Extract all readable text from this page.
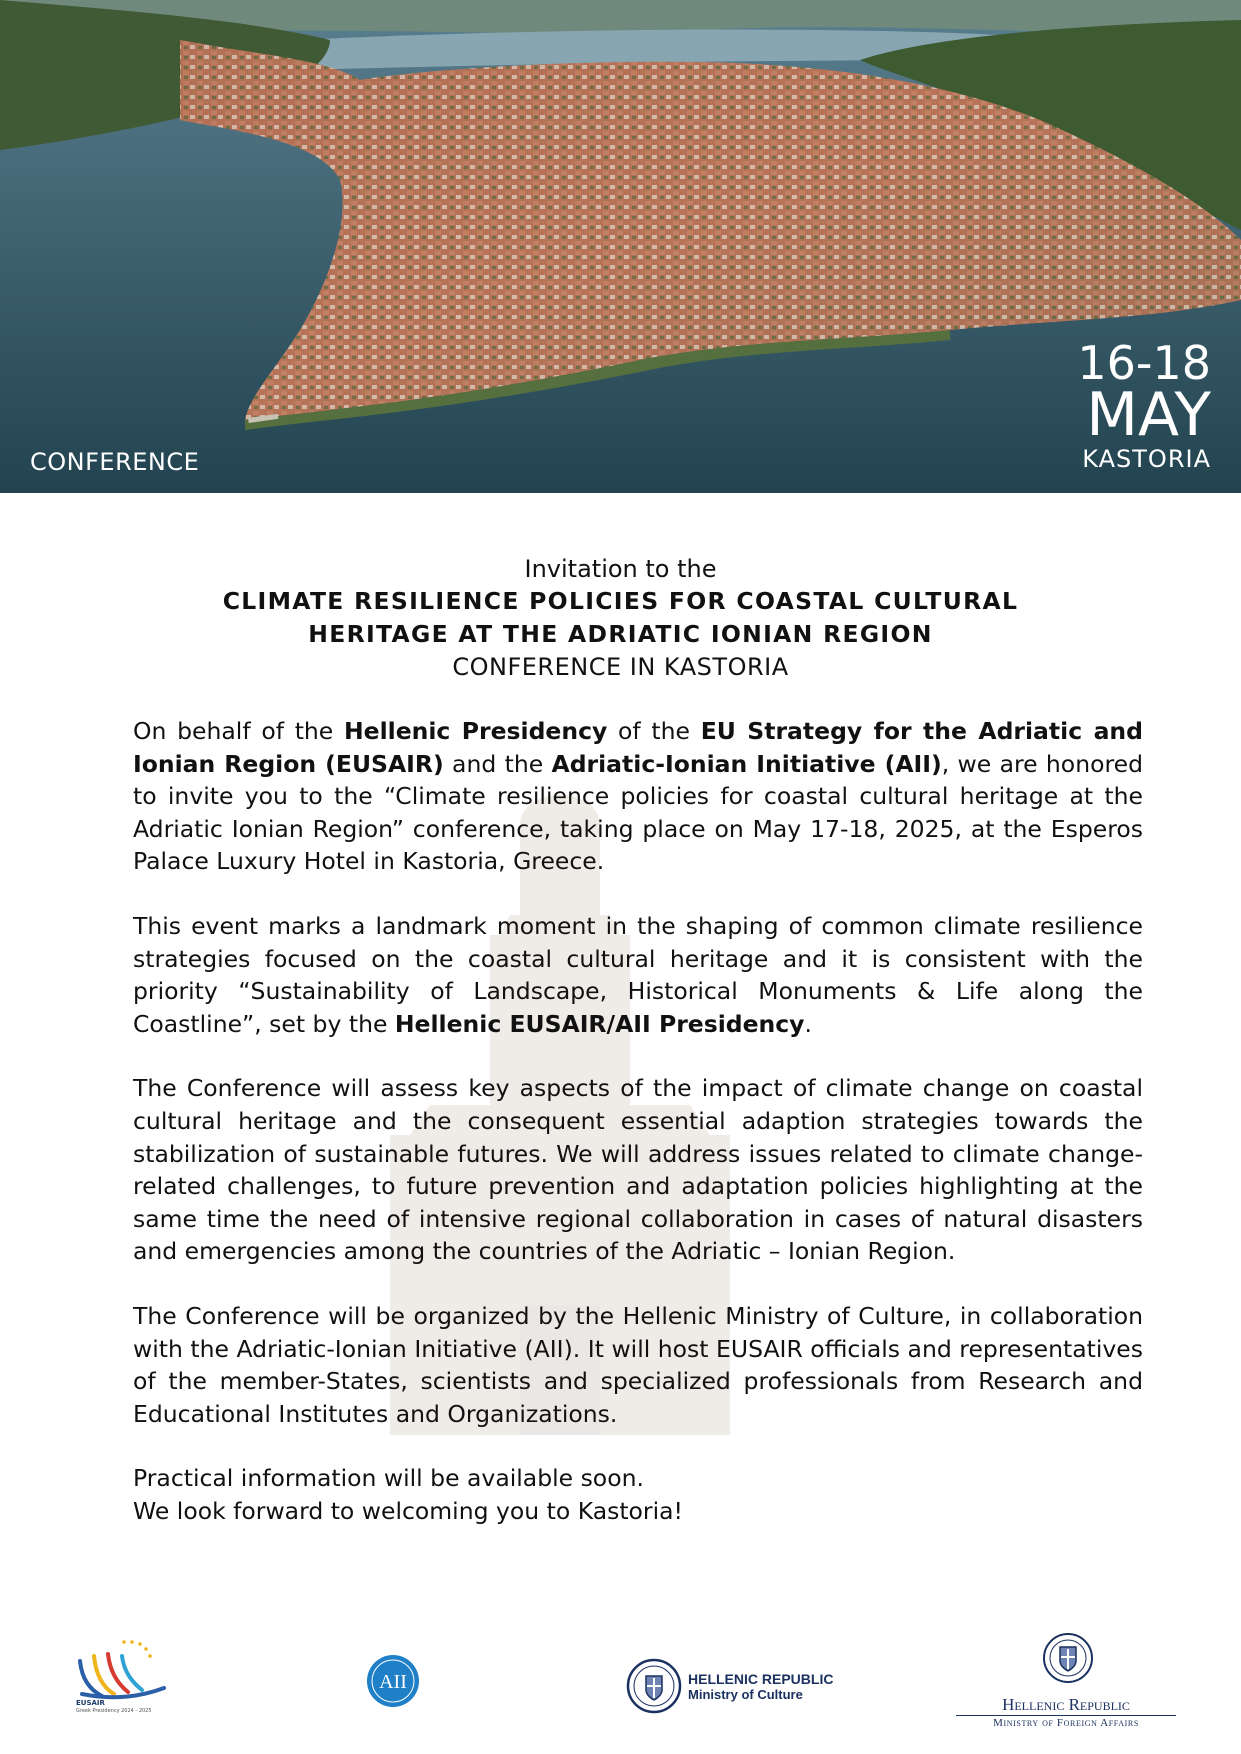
CONFERENCE
16-18
MAY
KASTORIA
Invitation to the
CLIMATE RESILIENCE POLICIES FOR COASTAL CULTURAL
HERITAGE AT THE ADRIATIC IONIAN REGION
CONFERENCE IN KASTORIA

On behalf of the Hellenic Presidency of the EU Strategy for the Adriatic and Ionian Region (EUSAIR) and the Adriatic-Ionian Initiative (AII), we are honored to invite you to the “Climate resilience policies for coastal cultural heritage at the Adriatic Ionian Region” conference, taking place on May 17-18, 2025, at the Esperos Palace Luxury Hotel in Kastoria, Greece.

This event marks a landmark moment in the shaping of common climate resilience strategies focused on the coastal cultural heritage and it is consistent with the priority “Sustainability of Landscape, Historical Monuments & Life along the Coastline”, set by the Hellenic EUSAIR/AII Presidency.

The Conference will assess key aspects of the impact of climate change on coastal cultural heritage and the consequent essential adaption strategies towards the stabilization of sustainable futures. We will address issues related to climate change-related challenges, to future prevention and adaptation policies highlighting at the same time the need of intensive regional collaboration in cases of natural disasters and emergencies among the countries of the Adriatic – Ionian Region.

The Conference will be organized by the Hellenic Ministry of Culture, in collaboration with the Adriatic-Ionian Initiative (AII). It will host EUSAIR officials and representatives of the member-States, scientists and specialized professionals from Research and Educational Institutes and Organizations.

Practical information will be available soon.
We look forward to welcoming you to Kastoria!

AII
EUSAIR
Greek Presidency 2024 - 2025
HELLENIC REPUBLIC
Ministry of Culture
Hellenic Republic
Ministry of Foreign Affairs
